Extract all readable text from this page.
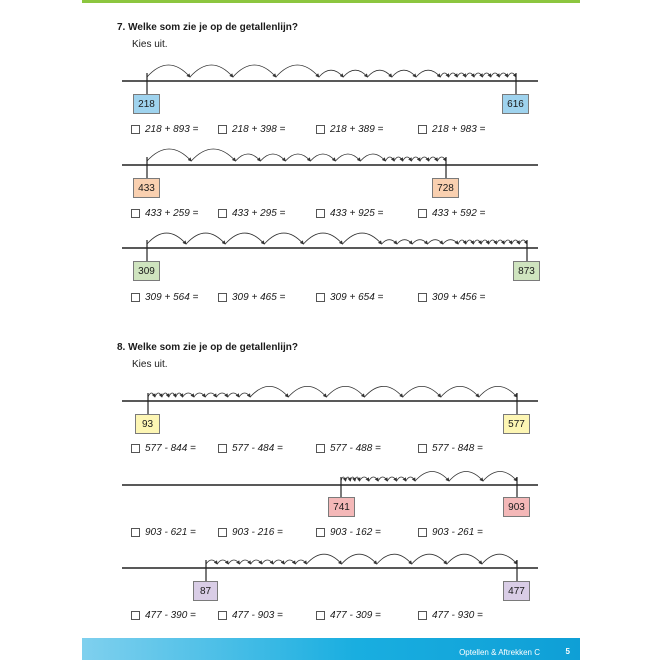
7. Welke som zie je op de getallenlijn?
Kies uit.
8. Welke som zie je op de getallenlijn?
Kies uit.
218	616
218 + 893 =	218 + 398 =	218 + 389 =	218 + 983 =
433	728
433 + 259 =	433 + 295 =	433 + 925 =	433 + 592 =
309	873
309 + 564 =	309 + 465 =	309 + 654 =	309 + 456 =
93	577
577 - 844 =	577 - 484 =	577 - 488 =	577 - 848 =
741	903
903 - 621 =	903 - 216 =	903 - 162 =	903 - 261 =
87	477
477 - 390 =	477 - 903 =	477 - 309 =	477 - 930 =
Optellen & Aftrekken C	5
